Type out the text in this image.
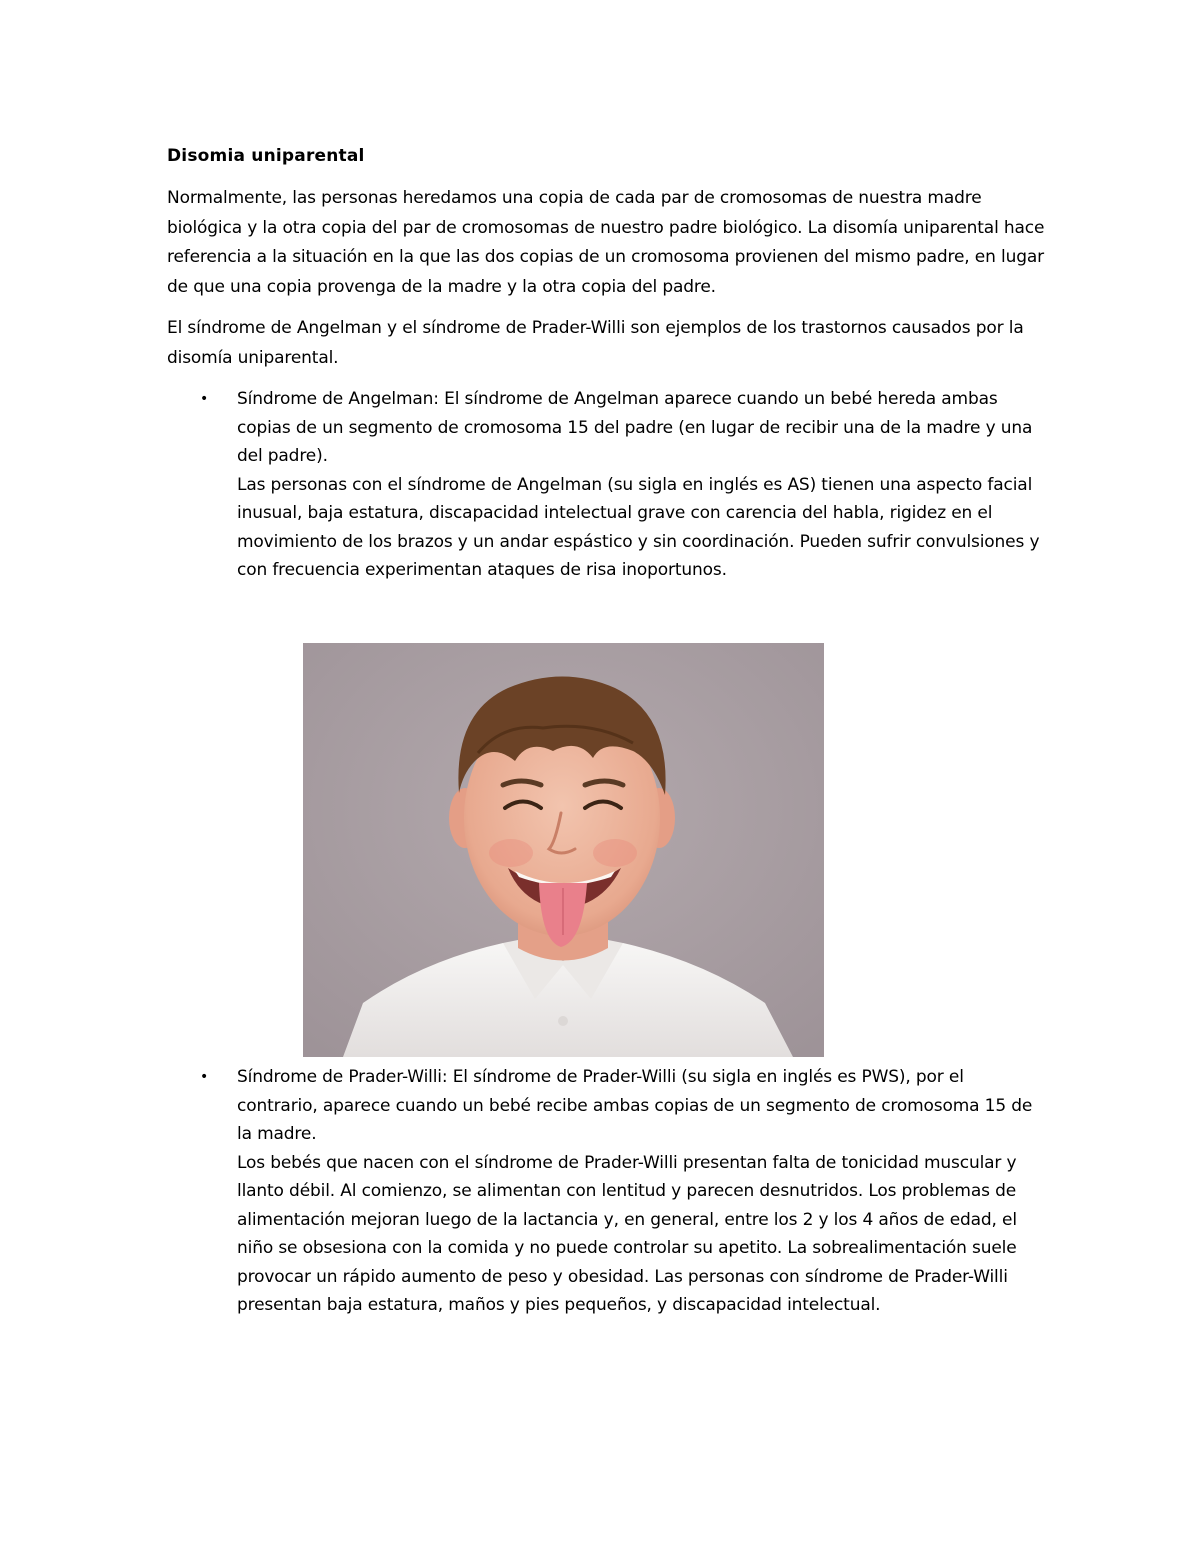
Disomia uniparental

Normalmente, las personas heredamos una copia de cada par de cromosomas de nuestra madre biológica y la otra copia del par de cromosomas de nuestro padre biológico. La disomía uniparental hace referencia a la situación en la que las dos copias de un cromosoma provienen del mismo padre, en lugar de que una copia provenga de la madre y la otra copia del padre.

El síndrome de Angelman y el síndrome de Prader-Willi son ejemplos de los trastornos causados por la disomía uniparental.

• Síndrome de Angelman: El síndrome de Angelman aparece cuando un bebé hereda ambas copias de un segmento de cromosoma 15 del padre (en lugar de recibir una de la madre y una del padre).
Las personas con el síndrome de Angelman (su sigla en inglés es AS) tienen una aspecto facial inusual, baja estatura, discapacidad intelectual grave con carencia del habla, rigidez en el movimiento de los brazos y un andar espástico y sin coordinación. Pueden sufrir convulsiones y con frecuencia experimentan ataques de risa inoportunos.
• Síndrome de Prader-Willi: El síndrome de Prader-Willi (su sigla en inglés es PWS), por el contrario, aparece cuando un bebé recibe ambas copias de un segmento de cromosoma 15 de la madre.
Los bebés que nacen con el síndrome de Prader-Willi presentan falta de tonicidad muscular y llanto débil. Al comienzo, se alimentan con lentitud y parecen desnutridos. Los problemas de alimentación mejoran luego de la lactancia y, en general, entre los 2 y los 4 años de edad, el niño se obsesiona con la comida y no puede controlar su apetito. La sobrealimentación suele provocar un rápido aumento de peso y obesidad. Las personas con síndrome de Prader-Willi presentan baja estatura, maños y pies pequeños, y discapacidad intelectual.
